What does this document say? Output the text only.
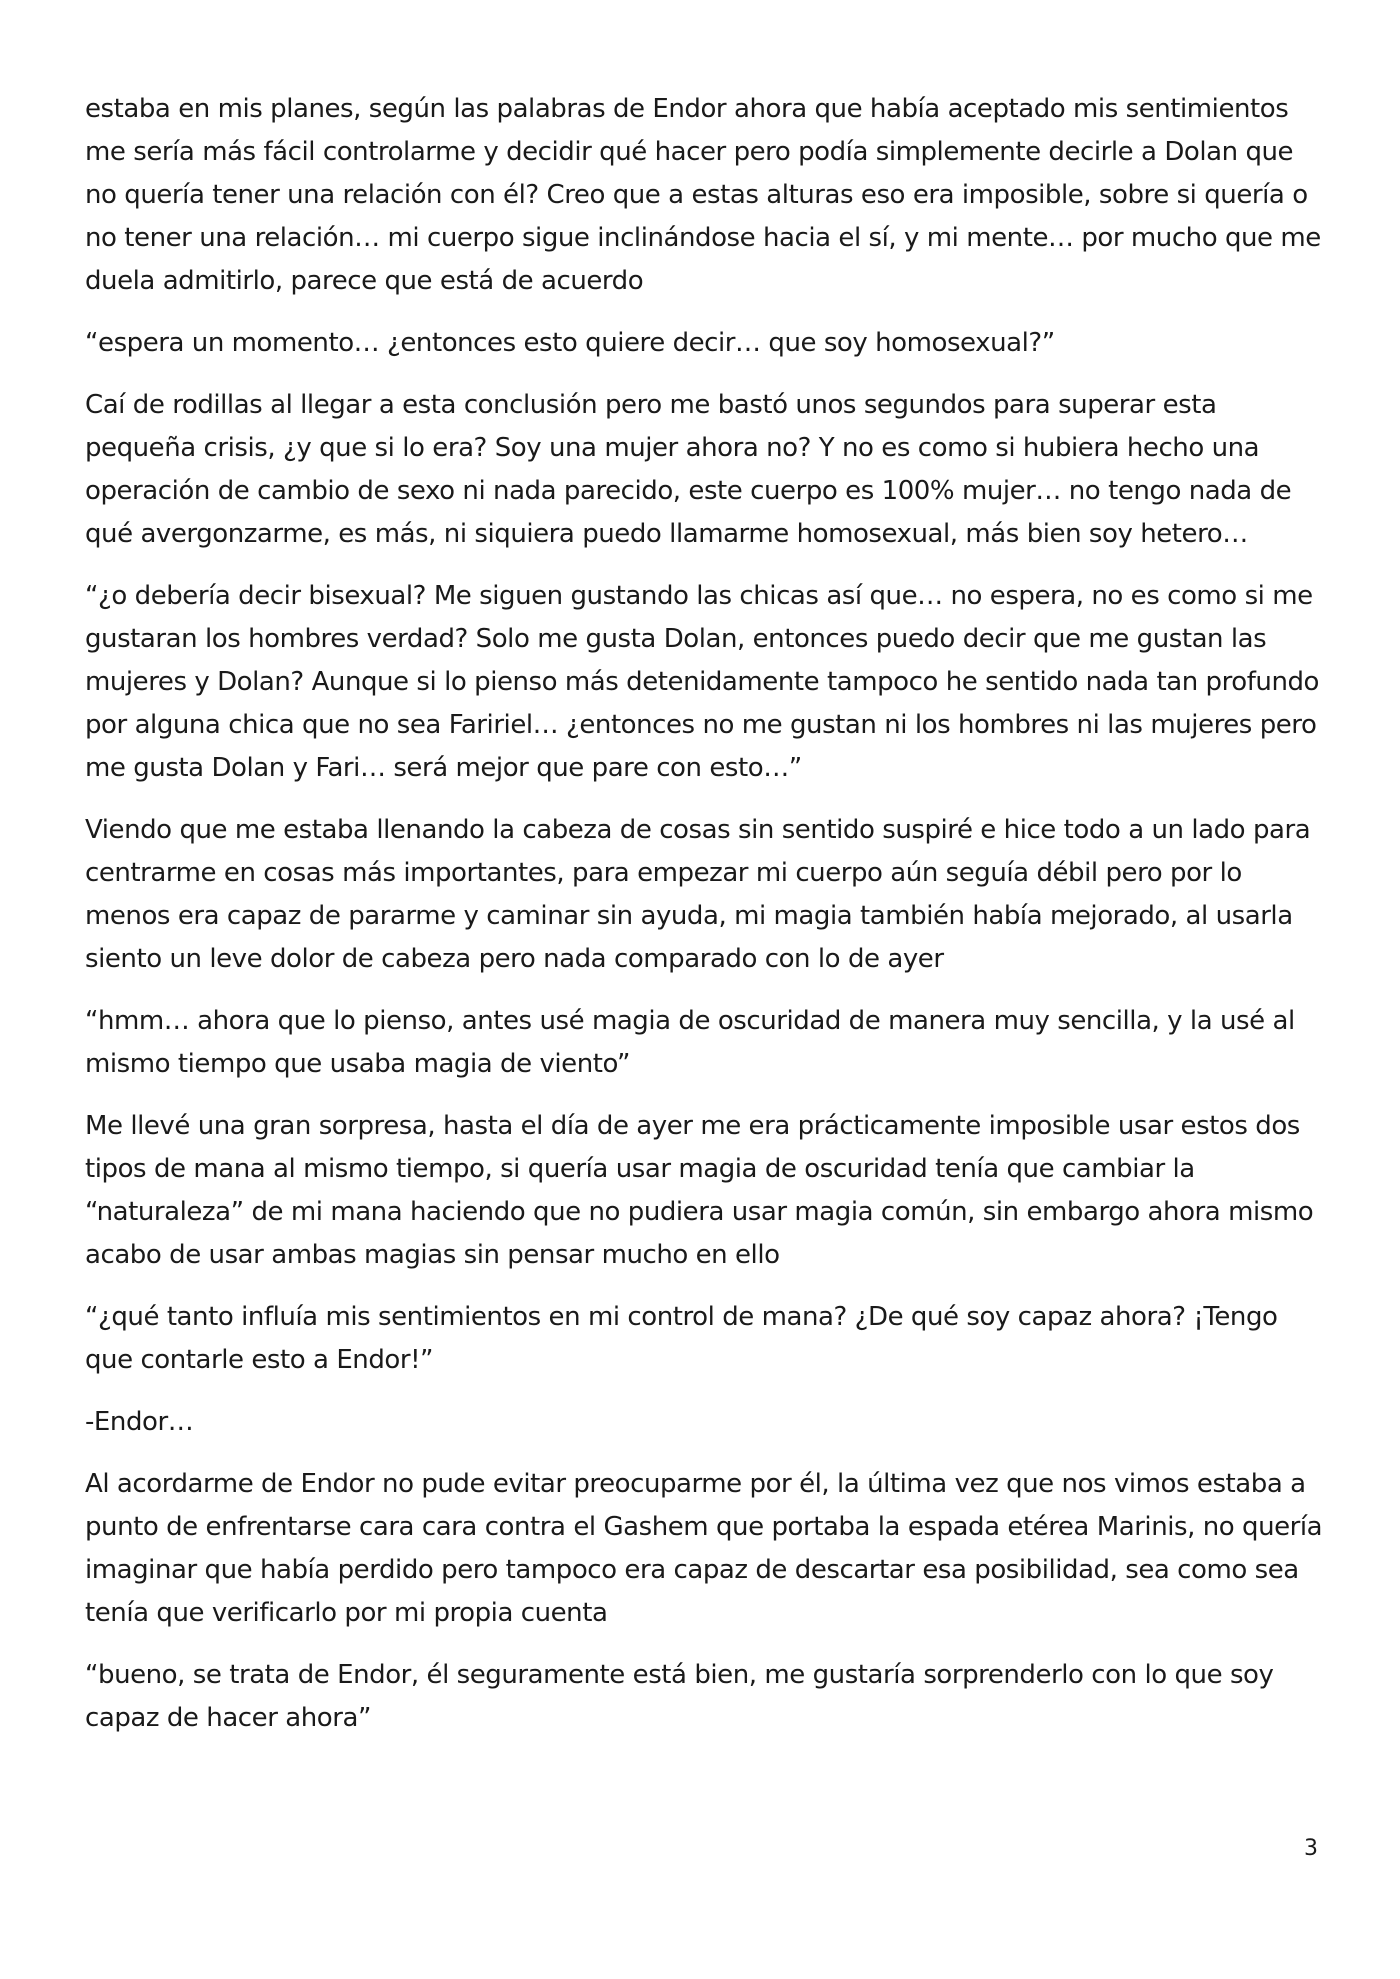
estaba en mis planes, según las palabras de Endor ahora que había aceptado mis sentimientos me sería más fácil controlarme y decidir qué hacer pero podía simplemente decirle a Dolan que no quería tener una relación con él? Creo que a estas alturas eso era imposible, sobre si quería o no tener una relación… mi cuerpo sigue inclinándose hacia el sí, y mi mente… por mucho que me duela admitirlo, parece que está de acuerdo

“espera un momento… ¿entonces esto quiere decir… que soy homosexual?”

Caí de rodillas al llegar a esta conclusión pero me bastó unos segundos para superar esta pequeña crisis, ¿y que si lo era? Soy una mujer ahora no? Y no es como si hubiera hecho una operación de cambio de sexo ni nada parecido, este cuerpo es 100% mujer… no tengo nada de qué avergonzarme, es más, ni siquiera puedo llamarme homosexual, más bien soy hetero…

“¿o debería decir bisexual? Me siguen gustando las chicas así que… no espera, no es como si me gustaran los hombres verdad? Solo me gusta Dolan, entonces puedo decir que me gustan las mujeres y Dolan? Aunque si lo pienso más detenidamente tampoco he sentido nada tan profundo por alguna chica que no sea Faririel… ¿entonces no me gustan ni los hombres ni las mujeres pero me gusta Dolan y Fari… será mejor que pare con esto…”

Viendo que me estaba llenando la cabeza de cosas sin sentido suspiré e hice todo a un lado para centrarme en cosas más importantes, para empezar mi cuerpo aún seguía débil pero por lo menos era capaz de pararme y caminar sin ayuda, mi magia también había mejorado, al usarla siento un leve dolor de cabeza pero nada comparado con lo de ayer

“hmm… ahora que lo pienso, antes usé magia de oscuridad de manera muy sencilla, y la usé al mismo tiempo que usaba magia de viento”

Me llevé una gran sorpresa, hasta el día de ayer me era prácticamente imposible usar estos dos tipos de mana al mismo tiempo, si quería usar magia de oscuridad tenía que cambiar la “naturaleza” de mi mana haciendo que no pudiera usar magia común, sin embargo ahora mismo acabo de usar ambas magias sin pensar mucho en ello

“¿qué tanto influía mis sentimientos en mi control de mana? ¿De qué soy capaz ahora? ¡Tengo que contarle esto a Endor!”

-Endor…

Al acordarme de Endor no pude evitar preocuparme por él, la última vez que nos vimos estaba a punto de enfrentarse cara cara contra el Gashem que portaba la espada etérea Marinis, no quería imaginar que había perdido pero tampoco era capaz de descartar esa posibilidad, sea como sea tenía que verificarlo por mi propia cuenta

“bueno, se trata de Endor, él seguramente está bien, me gustaría sorprenderlo con lo que soy capaz de hacer ahora”

3
